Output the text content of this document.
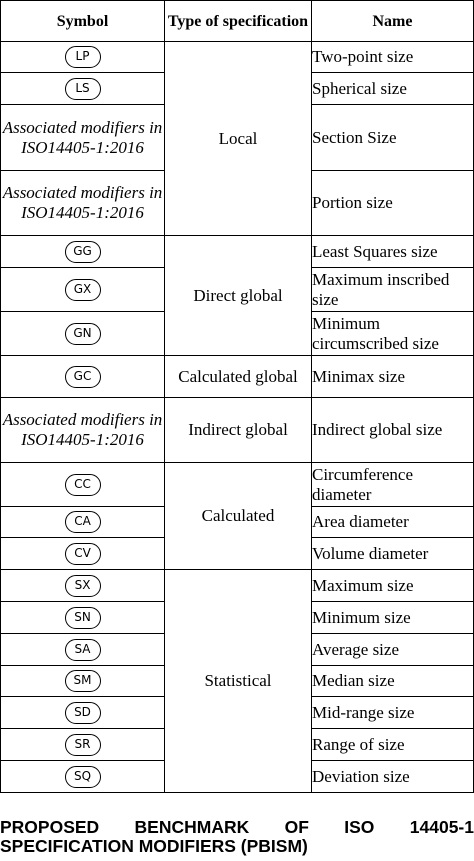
Symbol	Type of specification	Name
LP	Local	Two-point size
LS		Spherical size
Associated modifiers in ISO14405-1:2016		Section Size
Associated modifiers in ISO14405-1:2016		Portion size
GG	Direct global	Least Squares size
GX		Maximum inscribed size
GN		Minimum circumscribed size
GC	Calculated global	Minimax size
Associated modifiers in ISO14405-1:2016	Indirect global	Indirect global size
CC	Calculated	Circumference diameter
CA		Area diameter
CV		Volume diameter
SX	Statistical	Maximum size
SN		Minimum size
SA		Average size
SM		Median size
SD		Mid-range size
SR		Range of size
SQ		Deviation size
PROPOSED BENCHMARK OF ISO 14405-1
SPECIFICATION MODIFIERS (PBISM)
